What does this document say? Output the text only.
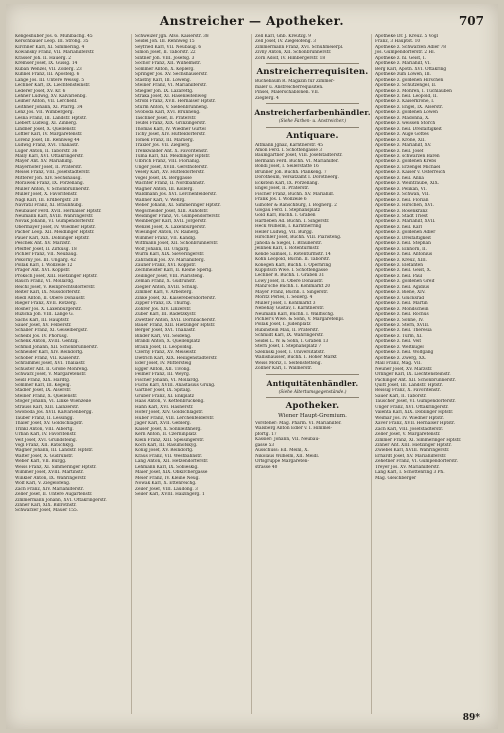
Anstreicher — Apotheker.	707
Kengeshuber Jos. 6. Mühlbachg. 45
Kerschbauer Leop. III. Strohg. 35
Kirchner Karl, XI. Simmering. 4
Kowansky Franz, VII. Mariahilferstr.
Krasser Joh. II. Hauerg. 2
Kremser Josef, IX. Gussg. 14
Kuban Wenzel, VII. Zollerg. 23
Kühnel Franz, III. Apostelg. 6
Lange Jos. III. Untere Weissg. 5
Lechner Karl, IX. Liechtensteinstr.
Lederer Josef, XV. Kr. 6
Lehner Ludwig, XV. Kalvarienbg.
Leimer Anton, VII. Lerchenf.
Leithner Johann, XI. Pfarrg. 34
Lenz Jos. VII. Wimbergerg.
Lesna Franz, III. Landstr. Hptstr.
Liebert Ludwig, XI. Zinnerg.
Lindner Josef, X. Quellenstr.
Löffler Karl, IV. Margaretenstr.
Lorenz Josef, III. Rennweg 44
Ludwig Franz, XVI. Thaliastr.
Luger Anton, II. Taborstr. 36
Mally Karl, XVI. Ottakringerstr.
Mayer Ant. XV. Mariahilfg.
Mayerhofer Josef, II. Praterstr.
Meisel Franz, VIII. Josefstädterstr.
Mitterer Joh. XIV. Sechshausg.
Morawek Franz, IX. Porzellang.
Müller Anton, V. Schönbrunnerstr.
Müller Josef, X. Favoritenstr.
Nagl Karl, III. Erdbergstr. 20
Navratil Franz, XI. Braunhubg.
Neubauer Ferd. XVII. Hernalser Hptstr.
Neumann Karl, XVIII. Währingerstr.
Novak Johann, VI. Gumpendorferstr.
Obermayer Josef, IV. Wiedner Hptstr.
Pacher Leop. XII. Meidlinger Hptstr.
Pauer Karl, XIX. Döblinger Hptstr.
Peschek Ant. XV. Märzstr.
Pfeiffer Josef, II. Zirkusg. 18
Pichler Franz, VII. Neubaug.
Pokorny Jos. III. Ungarg. 42
Pollak Karl, I. Wollzeile 12
Prager Ant. XVI. Koppstr.
Proksch Josef, XIII. Hietzinger Hptstr.
Rauch Franz, VI. Mollardg.
Reichl Josef, V. Reinprechtsdorferstr.
Reiter Karl, IX. Nussdorferstr.
Riedl Anton, II. Obere Donaustr.
Rieger Franz, XVII. Rötzerg.
Rosner Jos. X. Laxenburgerstr.
Ruzicka Joh. VIII. Lange G.
Sachs Karl, III. Hauptstr.
Sauer Josef, XV. Felberstr.
Schaller Franz, XI. Geiselbergstr.
Scheibl Jos. IV. Phorusg.
Schenk Anton, XVIII. Gentzg.
Schmid Johann, XII. Schönbrunnerstr.
Schneider Karl, XIV. Reindorfg.
Schober Franz, VII. Kaiserstr.
Schrammel Josef, XVI. Thaliastr.
Schuster Ant. II. Große Mohreng.
Schwarz Josef, V. Margaretenstr.
Seidl Franz, XIX. Hardtg.
Sommer Karl, III. Kegelg.
Stadler Josef, IX. Alserstr.
Steiner Franz, X. Quellenstr.
Stöger Johann, VI. Linke Wienzeile
Strauss Karl, XIII. Lainzerstr.
Swoboda Jos. XVII. Kalvarienbergg.
Tauber Franz, II. Lessingg.
Thaler Josef, XV. Goldschlagstr.
Trinkl Anton, VIII. Albertg.
Urban Karl, IV. Favoritenstr.
Veit Josef, XVI. Grundsteing.
Vogl Franz, XII. Ratschkyg.
Wagner Johann, III. Landstr. Hptstr.
Walter Josef, X. Gudrunstr.
Weber Karl, VII. Burgg.
Weiss Franz, XI. Simmeringer Hptstr.
Wimmer Josef, XVIII. Martinstr.
Winkler Anton, IX. Währingerstr.
Wolf Karl, V. Ziegelofeng.
Zach Franz, XIV. Mariahilferstr.
Zeller Josef, II. Untere Augartenstr.
Zimmermann Johann, XVI. Ottakringerstr.
Zinner Karl, XIX. Billrothstr.
Schwarzer Josef, Mauer 155.
Schweizer Jgn. Afsö. Kaiserstr. 38
Seidel Joh. III. Rennweg 15
Seyfried Karl, VII. Neubaug. 6
Simon Josef, II. Taborstr. 22
Sintner Joh. VIII. Josefsg. 3
Sochor Franz, XII. Wilhelmstr.
Sommer Anton, X. Keplerg.
Springer Jos. XV. Sechshauserstr.
Stastny Karl, III. Löweng.
Steiner Franz, VI. Mariahilferstr.
Stiegler Joh. IX. Lazarettg.
Straka Josef, XI. Hasenleitenweg
Strobl Franz, XVII. Hernalser Hptstr.
Sturm Anton, V. Siebenbrunneng.
Svoboda Karl, XVI. Brunneng.
Taschner Josef, II. Praterstr.
Teufel Franz, XIX. Grinzingerstr.
Thomas Karl, IV. Wiedner Gürtel
Tichy Josef, XIV. Hütteldorferstr.
Tomek Franz, III. Marxerg.
Traxler Jos. VII. Zieglerg.
Trenkwalder Ant. X. Favoritenstr.
Tuma Karl, XII. Meidlinger Hptstr.
Ulbrich Franz, VIII. Florianig.
Unger Josef, XVIII. Gersthoferstr.
Vesely Karl, XV. Hütteldorferstr.
Vogel Josef, IX. Berggasse
Wachter Franz, II. Nordbahnstr.
Wagner Anton, III. Kollerg.
Waldmann Jos. XVI. Lerchenfelderstr.
Wallner Karl, V. Wehrg.
Weber Johann, XI. Simmeringer Hptstr.
Wegscheider Josef, XIII. Auhofstr.
Weidinger Franz, VI. Gumpendorferstr.
Weinberger Karl, XVII. Jörgerstr.
Wenzel Josef, X. Laxenburgerstr.
Wiesinger Anton, IV. Rainerg.
Wimmer Franz, VII. Kandlg.
Wittmann Josef, XII. Schönbrunnerstr.
Wolf Johann, III. Ungarg.
Wurm Karl, XIX. Sieveringerstr.
Zahradnik Jos. XV. Mariahilferg.
Zauner Franz, XVI. Koppstr.
Zechmeister Karl, II. Kleine Sperlg.
Zeilinger Josef, VIII. Piaristeng.
Zeman Franz, X. Gudrunstr.
Ziegler Anton, XVIII. Schulg.
Zimmer Karl, V. Arbeiterg.
Zinke Josef, XI. Kaiserebersdorferstr.
Zipper Franz, IX. Thurng.
Zöhrer Jos. XIV. Linzerstr.
Zuber Karl, III. Radetzkystr.
Zwettler Anton, XVII. Dornbacherstr.
Bauer Franz, XIII. Hietzinger Hptstr.
Berger Josef, XVI. Thaliastr.
Binder Karl, VII. Seideng.
Brandl Anton, X. Quellenplatz
Braun Josef, II. Leopoldsg.
Czerny Franz, XV. Meiselstr.
Dietrich Karl, XIX. Heiligenstädterstr.
Eder Josef, IV. Mittersteig
Egger Anton, XII. Tivolig.
Fellner Franz, III. Weyrg.
Fischer Johann, VI. Mollardg.
Fuchs Karl, XVIII. Anastasius Grüng.
Gärtner Josef, IX. Spitalg.
Gruber Franz, XI. Enkplatz
Haas Anton, V. Kettenbrückeng.
Hahn Karl, XVI. Hasnerstr.
Hofer Josef, XIV. Goldschlagstr.
Huber Franz, VIII. Lerchenfelderstr.
Jäger Karl, XVII. Geblerg.
Kaiser Josef, X. Sonnleithnerg.
Kern Anton, II. Czerninplatz
Klein Franz, XIII. Speisingerstr.
Koch Karl, III. Rasumofskyg.
König Josef, XV. Reindorfg.
Kraus Franz, VII. Westbahnstr.
Lang Anton, XII. Hetzendorferstr.
Lehmann Karl, IX. Sobieskig.
Maier Josef, XIX. Obkirchergasse
Meier Franz, IV. Kleine Neug.
Nowak Karl, X. Ettenreichg.
Zeiler Josef, VIII. Laudong. 3
Seiler Karl, XVIII. Haizingerg. 1
Zell Karl, Ghb. Kreutzg. 9
Zell Josef, IV. Ziegelofeng. 3
Zimmermann Franz, XVI. Schuhmeierpl.
Zivny Anton, XII. Schönbrunnerstr.
Zorn Adolf, IV. Himbergerstr. 18
Anstreicherrequisiten.
Buchebaum R. Magazin für Zimmer-
maler u. Anstreicherrequisiten.
Pinsel, Malerschablonen. VII.
Zieglerg. 4
Anstreicherfarbenhändler.
(Siehe Farben- u. Anstreicher.)
Antiquare.
Altmann Jgnaz, Kärntnerstr. 45
Amon Ferd. I. Schottengasse 3
Baumgartner Josef, VIII. Josefstädterstr.
Bermann Ferd. Buchh. VI. Mariahilfer.
Bondi Josef, I. Seilerstätte 16
Brunner Joh. Buchh. Plankeng. 7
Dorotheum, Versatzamt I. Dorotheerg.
Eckstein Karl, IX. Porzellang.
Engel Josef, II. Praterstr.
Fischer Franz, Buchh. XV. Mariahilf.
Frank Jos. I. Wollzeile 6
Gilhofer & Ranschburg, I. Bognerg. 2
Glogau Ferd. I. Stephansplatz
Gold Karl, Buchh. I. Graben
Hartleben Ad. Buchh. I. Singerstr.
Heck Wilhelm, I. Kärntnerring
Heller Ludwig, VII. Burgg.
Hirschler Josef, Buchh. VIII. Piaristeng.
Jahoda & Siegel, I. Bräunerstr.
Jellinek Karl, I. Rotenturmstr.
Kende Samuel, I. Rotenturmstr. 14
Kohn Leopold, Buchh. II. Taborstr.
Konegen Karl, Buchh. I. Opernring
Kuppitsch Wwe. I. Schottengasse
Lechner R. Buchh. I. Graben 31
Löwy Josef, II. Obere Donaustr.
Manz'sche Buchh. I. Kohlmarkt 20
Mayer Franz, Buchh. I. Singerstr.
Moritz Perles, I. Seilerg. 4
Müller Josef, I. Kohlmarkt 3
Nebehay Gustav, I. Kärntnerstr.
Neumann Karl, Buchh. I. Wallfischg.
Pichler's Wwe. & Sohn, V. Margaretenpl.
Pollak Josef, I. Judenplatz
Rubinstein Max, II. Praterstr.
Schmidt Karl, IX. Währingerstr.
Seidel L. W. & Sohn, I. Graben 13
Stern Josef, I. Stephansplatz 7
Szelinski Josef, I. Universitätstr.
Wallishausser, Buchh. I. Hoher Markt
Weiss Moriz, I. Seitenstetteng.
Zöllner Karl, I. Wallnerstr.
Antiquitätenhändler.
(Siehe Altertumsgegenstände.)
Apotheker.
Wiener Haupt-Gremium.
Vorsteher: Mag. Pharm. VI. Mariahilfer.
Walsberg Anton Edler v. I. Himmel-
pfortg. 17
Kassier: Johann, VII. Neubau-
gasse 53
Ausschuss: Ed. Meinl, X.
Nikolaus Wilhelm, XII. Meidl.
Ortsgruppe Margareten-
strasse 40
Apotheke Dr. J. Kreuz. 5 Vogl
Franz, 3 Hauptst. 10
Apotheke z. Schwarzen Adler 78
Jos. Gumpendorferstr. 2 Hl.
Apotheke z. hl. Geist, I.
Apotheke z. Mariahilf, VI.
Berg Karl, Apoth. XVI. Ottakring
Apotheke zum Löwen, III.
Apotheke z. goldenen Hirschen
Apotheke z. Schutzengel, II.
Apotheke z. Mohren, I. Tuchlauben
Apotheke z. heil. Leopold, II.
Apotheke z. Kaiserkrone, I.
Apotheke z. Engel, IX. Alserstr.
Apotheke z. goldenen Löwen
Apotheke z. Madonna, X.
Apotheke z. weissen Storch
Apotheke z. heil. Dreifaltigkeit
Apotheke z. Auge Gottes
Apotheke z. Krone, XII.
Apotheke z. Mariahilf, XV.
Apotheke z. heil. Josef
Apotheke z. schwarzen Bären
Apotheke z. goldenen Krebs
Apotheke z. Erzengel Michael
Apotheke z. Kaiser v. Österreich
Apotheke z. heil. Anna
Apotheke z. Weintraube, XIX.
Apotheke z. Pelikan, VI.
Apotheke z. Schwan, VII.
Apotheke z. heil. Florian
Apotheke z. Hirschen, XVI.
Apotheke z. Rosenkranz
Apotheke z. Stadt Triest
Apotheke z. Mariahilf, XVII.
Apotheke z. heil. Karl
Apotheke z. goldenen Adler
Apotheke z. Dreifaltigkeit
Apotheke z. heil. Stephan
Apotheke z. Einhorn, II.
Apotheke z. heil. Antonius
Apotheke z. Kreuz, XIII.
Apotheke z. Elefanten
Apotheke z. heil. Geist, X.
Apotheke z. heil. Paul
Apotheke z. goldenen Greif
Apotheke z. heil. Ägidius
Apotheke z. Biene, XIV.
Apotheke z. Glücksrad
Apotheke z. heil. Martin
Apotheke z. Mondschein
Apotheke z. heil. Rochus
Apotheke z. Sonne, IV.
Apotheke z. Stern, XVIII.
Apotheke z. heil. Theresia
Apotheke z. Turm, XI.
Apotheke z. heil. Veit
Apotheke z. Weltkugel
Apotheke z. heil. Wolfgang
Apotheke z. Zwerg, XX.
Mall Franz, Mag. VII.
Neuner Josef, XV. Märzstr.
Orlinger Karl, IX. Liechtensteinstr.
Pachinger Ant. XII. Schönbrunnerstr.
Quitt Josef, III. Landstr. Hptstr.
Reissig Franz, X. Favoritenstr.
Sauer Karl, II. Taborstr.
Tauscher Josef, VI. Gumpendorferstr.
Unger Franz, XVI. Ottakringerstr.
Valenta Karl, XIX. Döblinger Hptstr.
Weimar Jos. IV. Wiedner Hptstr.
Xaver Franz, XVII. Hernalser Hptstr.
Zach Karl, VIII. Josefstädterstr.
Zeller Josef, V. Margaretenstr.
Zimmer Franz, XI. Simmeringer Hptstr.
Zinner Ant. XIII. Hietzinger Hptstr.
Zwiebel Karl, XVIII. Währingerstr.
Erhardt Josef, XV. Mariahilferstr.
Zehetner Franz, VI. Gumpendorferstr.
Treyer Jos. XV. Mariahilferstr.
Lang Karl, I. Schottenring 3 Ph.
Mag. Gleichberger
89*
